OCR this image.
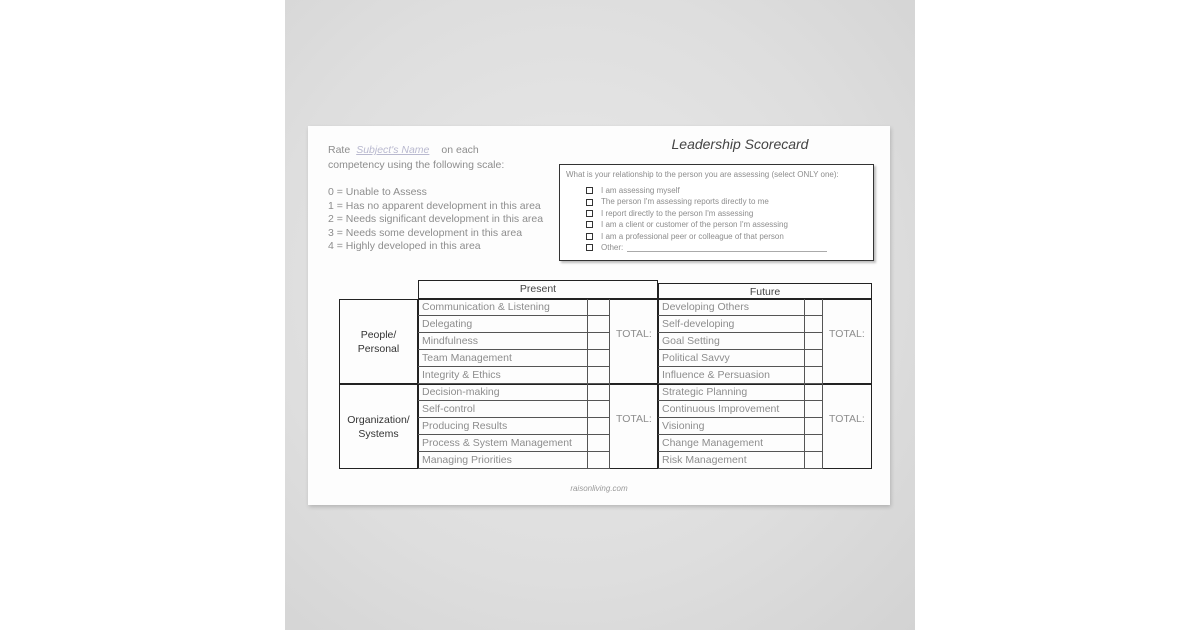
Leadership Scorecard
Rate Subject's Name on each
competency using the following scale:
0 = Unable to Assess
1 = Has no apparent development in this area
2 = Needs significant development in this area
3 = Needs some development in this area
4 = Highly developed in this area
What is your relationship to the person you are assessing (select ONLY one):
I am assessing myself
The person I'm assessing reports directly to me
I report directly to the person I'm assessing
I am a client or customer of the person I'm assessing
I am a professional peer or colleague of that person
Other:
Present	Future
People/
Personal
Communication & Listening
Delegating
Mindfulness
Team Management
Integrity & Ethics
TOTAL:
Developing Others
Self-developing
Goal Setting
Political Savvy
Influence & Persuasion
TOTAL:
Organization/
Systems
Decision-making
Self-control
Producing Results
Process & System Management
Managing Priorities
TOTAL:
Strategic Planning
Continuous Improvement
Visioning
Change Management
Risk Management
TOTAL:
raisonliving.com
